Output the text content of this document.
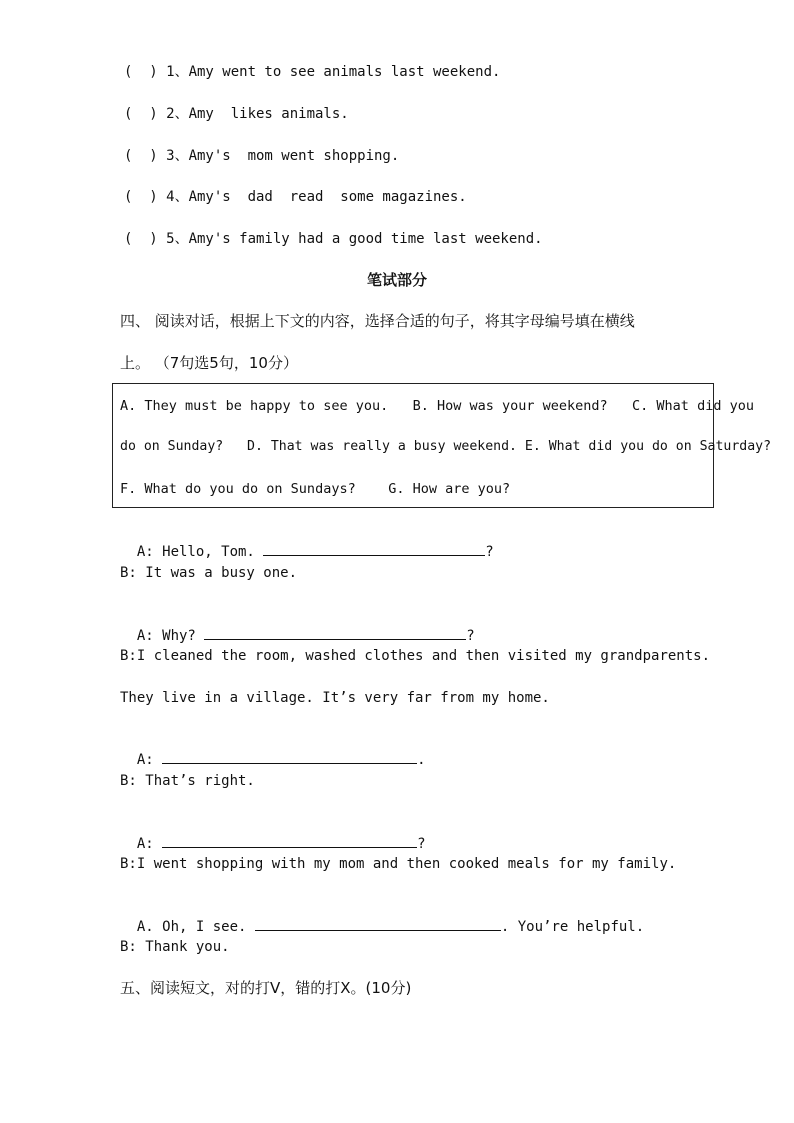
(  ) 1、Amy went to see animals last weekend.
(  ) 2、Amy  likes animals.
(  ) 3、Amy's  mom went shopping.
(  ) 4、Amy's  dad  read  some magazines.
(  ) 5、Amy's family had a good time last weekend.
笔试部分
四、 阅读对话，根据上下文的内容，选择合适的句子，将其字母编号填在横线
上。 （7句选5句，10分）
A. They must be happy to see you.   B. How was your weekend?   C. What did you
do on Sunday?   D. That was really a busy weekend. E. What did you do on Saturday?
F. What do you do on Sundays?    G. How are you?

A: Hello, Tom.	?

B: It was a busy one.

A: Why?	?

B:I cleaned the room, washed clothes and then visited my grandparents.
They live in a village. It’s very far from my home.

A:	.

B: That’s right.

A:	?

B:I went shopping with my mom and then cooked meals for my family.

A. Oh, I see.	. You’re helpful.

B: Thank you.
五、阅读短文，对的打V，错的打X。(10分)
